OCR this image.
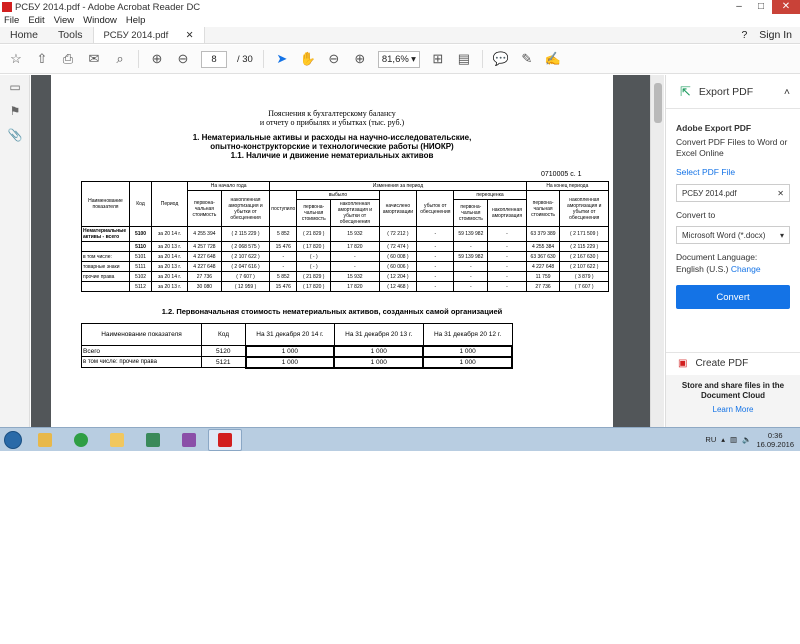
РСБУ 2014.pdf - Adobe Acrobat Reader DC	–	□	✕
File Edit View Window Help
Home	Tools	РСБУ 2014.pdf ✕	? Sign In
☆ ⇧ ⎙ ✉	⌕	⊕ ⊖	8	/ 30 ➤ ✋ ⊖ ⊕ 81,6% ▾ ⊞ ▤ 💬 ✎ ✍
▭
⚑
📎
Пояснения к бухгалтерскому балансу
и отчету о прибылях и убытках (тыс. руб.)
1. Нематериальные активы и расходы на научно-исследовательские,
опытно-конструкторские и технологические работы (НИОКР)
1.1. Наличие и движение нематериальных активов
0710005 с. 1
Наименование показателя	Код	Период	На начало года		Изменения за период							На конец периода	
			первона-чальная стоимость	накопленная амортизация и убытки от обесценения	поступило	выбыло		начислено амортизации	убыток от обесценения	переоценка		первона-чальная стоимость	накопленная амортизация и убытки от обесценения
						первона-чальная стоимость	накопленная амортизация и убытки от обесценения			первона-чальная стоимость	накопленная амортизация		
Нематериальные активы - всего	5100	за 20 14 г.	4 255 394	( 2 115 229 )	5 852	( 21 829 )	15 932	( 72 212 )	-	59 139 982	-	63 379 389	( 2 171 509 )
	5110	за 20 13 г.	4 257 728	( 2 068 575 )	15 476	( 17 820 )	17 820	( 72 474 )	-	-	-	4 255 384	( 2 115 229 )
в том числе:	5101	за 20 14 г.	4 227 648	( 2 107 622 )	-	( - )	-	( 60 008 )	-	59 139 982	-	63 367 630	( 2 167 630 )
товарные знаки	5111	за 20 13 г.	4 227 648	( 2 047 616 )	-	( - )	-	( 60 006 )	-	-	-	4 227 648	( 2 107 622 )
прочие права	5102	за 20 14 г.	27 736	( 7 607 )	5 852	( 21 829 )	15 932	( 12 204 )	-	-	-	11 759	( 3 879 )
	5112	за 20 13 г.	30 080	( 12 959 )	15 476	( 17 820 )	17 820	( 12 468 )	-	-	-	27 736	( 7 607 )
1.2. Первоначальная стоимость нематериальных активов, созданных самой организацией
Наименование показателя	Код	На 31 декабря 20 14 г.	На 31 декабря 20 13 г.	На 31 декабря 20 12 г.
Всего	5120	1 000	1 000	1 000
в том числе: прочие права	5121	1 000	1 000	1 000
⇱ Export PDF	˄
Adobe Export PDF
Convert PDF Files to Word or Excel Online
Select PDF File
РСБУ 2014.pdf	✕
Convert to
Microsoft Word (*.docx) ▾
Document Language:
English (U.S.) Change
Convert
▣ Create PDF
Store and share files in the Document Cloud
Learn More
RU ▴ ▥ 🔈	0:36
16.09.2016
